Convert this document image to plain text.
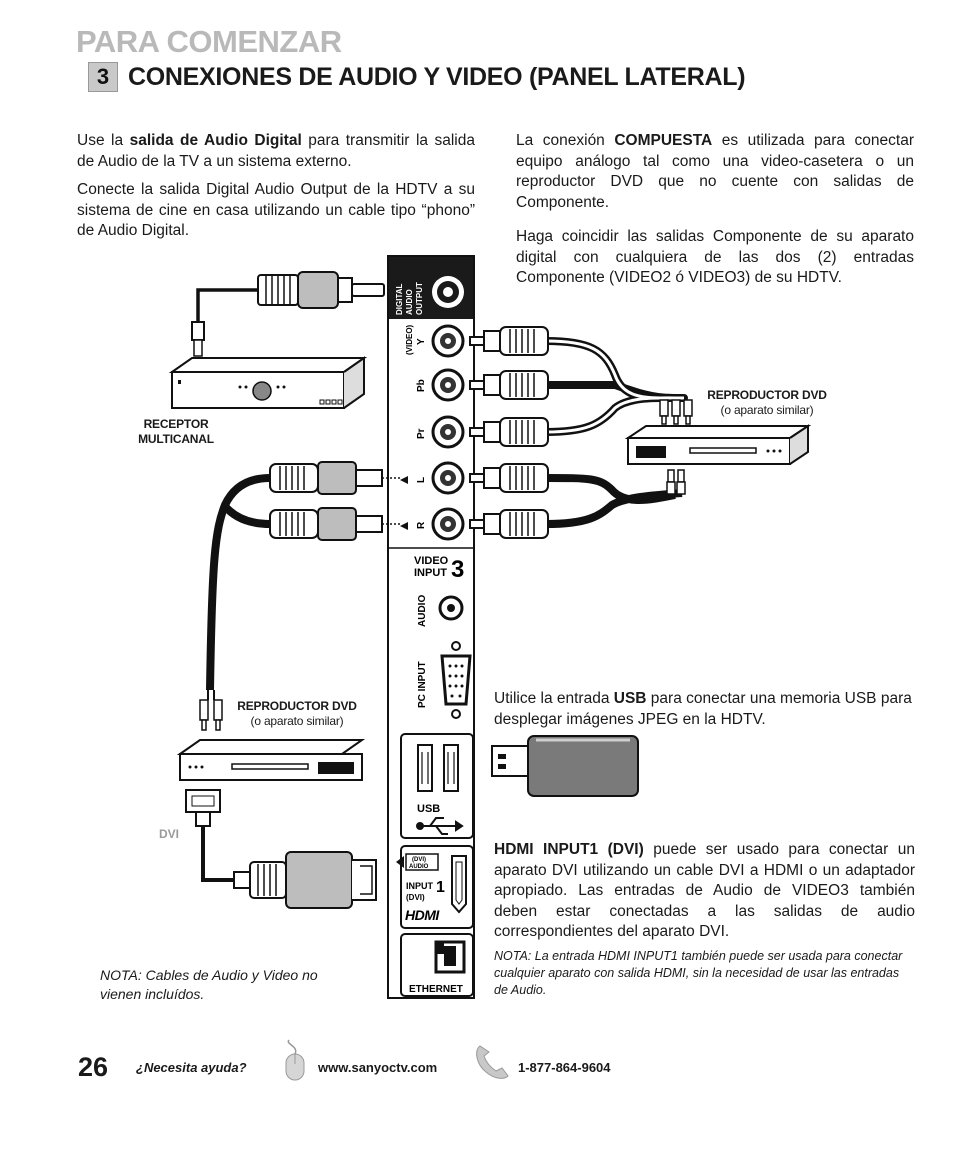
PARA COMENZAR
3 CONEXIONES DE AUDIO Y VIDEO (PANEL LATERAL)

Use la salida de Audio Digital para transmitir la salida de Audio de la TV a un sistema externo.

Conecte la salida Digital Audio Output de la HDTV a su sistema de cine en casa utilizando un cable tipo “phono” de Audio Digital.

La conexión COMPUESTA es utilizada para conectar equipo análogo tal como una video-casetera o un reproductor DVD que no cuente con salidas de Componente.

Haga coincidir las salidas Componente de su aparato digital con cualquiera de las dos (2) entradas Componente (VIDEO2 ó VIDEO3) de su HDTV.

Utilice la entrada USB para conectar una memoria USB para desplegar imágenes JPEG en la HDTV.

HDMI INPUT1 (DVI) puede ser usado para conectar un aparato DVI utilizando un cable DVI a HDMI o un adaptador apropiado. Las entradas de Audio de VIDEO3 también deben estar conectadas a las salidas de audio correspondientes del aparato DVI.

NOTA: La entrada HDMI INPUT1 también puede ser usada para conectar cualquier aparato con salida HDMI, sin la necesidad de usar las entradas de Audio.
NOTA: Cables de Audio y Video no vienen incluídos.
RECEPTOR
MULTICANAL
REPRODUCTOR DVD
(o aparato similar)
REPRODUCTOR DVD
(o aparato similar)
DVI
DIGITAL AUDIO OUTPUT
(VIDEO) Y
Pb
Pr
L
R
VIDEO
INPUT 3
AUDIO
PC INPUT
USB
(DVI)
AUDIO
INPUT 1
(DVI)
HDMI
ETHERNET
26 ¿Necesita ayuda?	www.sanyoctv.com	1-877-864-9604
